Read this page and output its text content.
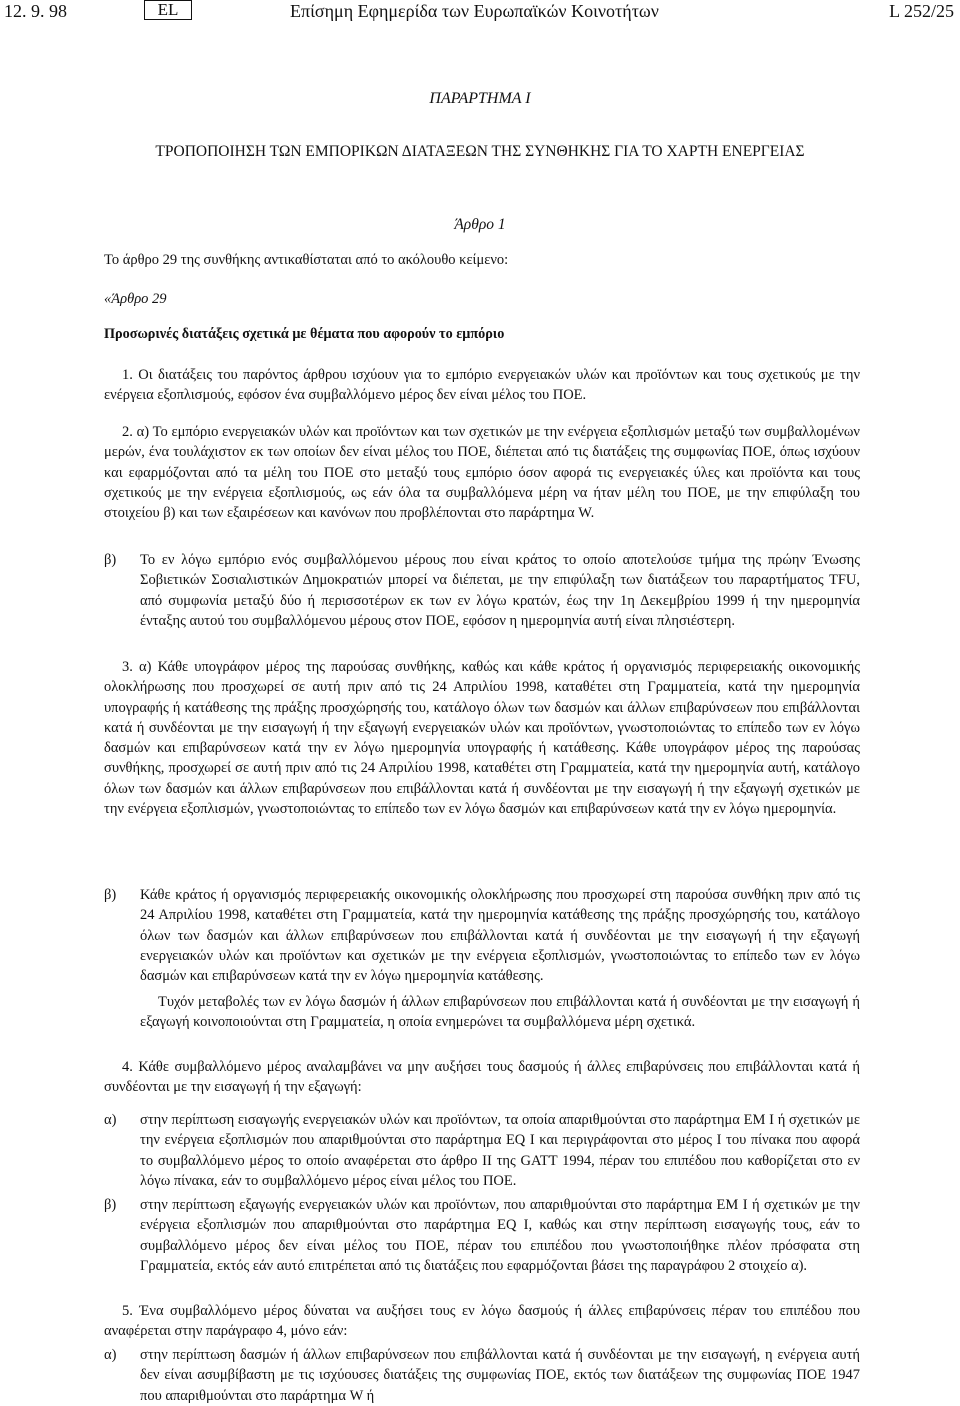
12. 9. 98	EL	Επίσημη Εφημερίδα των Ευρωπαϊκών Κοινοτήτων	L 252/25
ΠΑΡΑΡΤΗΜΑ Ι
ΤΡΟΠΟΠΟΙΗΣΗ ΤΩΝ ΕΜΠΟΡΙΚΩΝ ΔΙΑΤΑΞΕΩΝ ΤΗΣ ΣΥΝΘΗΚΗΣ ΓΙΑ ΤΟ ΧΑΡΤΗ ΕΝΕΡΓΕΙΑΣ
Άρθρο 1
Το άρθρο 29 της συνθήκης αντικαθίσταται από το ακόλουθο κείμενο:
«Άρθρο 29
Προσωρινές διατάξεις σχετικά με θέματα που αφορούν το εμπόριο

1. Οι διατάξεις του παρόντος άρθρου ισχύουν για το εμπόριο ενεργειακών υλών και προϊόντων και τους σχετικούς με την ενέργεια εξοπλισμούς, εφόσον ένα συμβαλλόμενο μέρος δεν είναι μέλος του ΠΟΕ.

2. α) Το εμπόριο ενεργειακών υλών και προϊόντων και των σχετικών με την ενέργεια εξοπλισμών μεταξύ των συμβαλλομένων μερών, ένα τουλάχιστον εκ των οποίων δεν είναι μέλος του ΠΟΕ, διέπεται από τις διατάξεις της συμφωνίας ΠΟΕ, όπως ισχύουν και εφαρμόζονται από τα μέλη του ΠΟΕ στο μεταξύ τους εμπόριο όσον αφορά τις ενεργειακές ύλες και προϊόντα και τους σχετικούς με την ενέργεια εξοπλισμούς, ως εάν όλα τα συμβαλλόμενα μέρη να ήταν μέλη του ΠΟΕ, με την επιφύλαξη του στοιχείου β) και των εξαιρέσεων και κανόνων που προβλέπονται στο παράρτημα W.

β) Το εν λόγω εμπόριο ενός συμβαλλόμενου μέρους που είναι κράτος το οποίο αποτελούσε τμήμα της πρώην Ένωσης Σοβιετικών Σοσιαλιστικών Δημοκρατιών μπορεί να διέπεται, με την επιφύλαξη των διατάξεων του παραρτήματος TFU, από συμφωνία μεταξύ δύο ή περισσοτέρων εκ των εν λόγω κρατών, έως την 1η Δεκεμβρίου 1999 ή την ημερομηνία ένταξης αυτού του συμβαλλόμενου μέρους στον ΠΟΕ, εφόσον η ημερομηνία αυτή είναι πλησιέστερη.

3. α) Κάθε υπογράφον μέρος της παρούσας συνθήκης, καθώς και κάθε κράτος ή οργανισμός περιφερειακής οικονομικής ολοκλήρωσης που προσχωρεί σε αυτή πριν από τις 24 Απριλίου 1998, καταθέτει στη Γραμματεία, κατά την ημερομηνία υπογραφής ή κατάθεσης της πράξης προσχώρησής του, κατάλογο όλων των δασμών και άλλων επιβαρύνσεων που επιβάλλονται κατά ή συνδέονται με την εισαγωγή ή την εξαγωγή ενεργειακών υλών και προϊόντων, γνωστοποιώντας το επίπεδο των εν λόγω δασμών και επιβαρύνσεων κατά την εν λόγω ημερομηνία υπογραφής ή κατάθεσης. Κάθε υπογράφον μέρος της παρούσας συνθήκης, προσχωρεί σε αυτή πριν από τις 24 Απριλίου 1998, καταθέτει στη Γραμματεία, κατά την ημερομηνία αυτή, κατάλογο όλων των δασμών και άλλων επιβαρύνσεων που επιβάλλονται κατά ή συνδέονται με την εισαγωγή ή την εξαγωγή σχετικών με την ενέργεια εξοπλισμών, γνωστοποιώντας το επίπεδο των εν λόγω δασμών και επιβαρύνσεων κατά την εν λόγω ημερομηνία.

β) Κάθε κράτος ή οργανισμός περιφερειακής οικονομικής ολοκλήρωσης που προσχωρεί στη παρούσα συνθήκη πριν από τις 24 Απριλίου 1998, καταθέτει στη Γραμματεία, κατά την ημερομηνία κατάθεσης της πράξης προσχώρησής του, κατάλογο όλων των δασμών και άλλων επιβαρύνσεων που επιβάλλονται κατά ή συνδέονται με την εισαγωγή ή την εξαγωγή ενεργειακών υλών και προϊόντων και σχετικών με την ενέργεια εξοπλισμών, γνωστοποιώντας το επίπεδο των εν λόγω δασμών και επιβαρύνσεων κατά την εν λόγω ημερομηνία κατάθεσης.

Τυχόν μεταβολές των εν λόγω δασμών ή άλλων επιβαρύνσεων που επιβάλλονται κατά ή συνδέονται με την εισαγωγή ή εξαγωγή κοινοποιούνται στη Γραμματεία, η οποία ενημερώνει τα συμβαλλόμενα μέρη σχετικά.

4. Κάθε συμβαλλόμενο μέρος αναλαμβάνει να μην αυξήσει τους δασμούς ή άλλες επιβαρύνσεις που επιβάλλονται κατά ή συνδέονται με την εισαγωγή ή την εξαγωγή:

α) στην περίπτωση εισαγωγής ενεργειακών υλών και προϊόντων, τα οποία απαριθμούνται στο παράρτημα EM I ή σχετικών με την ενέργεια εξοπλισμών που απαριθμούνται στο παράρτημα EQ I και περιγράφονται στο μέρος I του πίνακα που αφορά το συμβαλλόμενο μέρος το οποίο αναφέρεται στο άρθρο II της GATT 1994, πέραν του επιπέδου που καθορίζεται στο εν λόγω πίνακα, εάν το συμβαλλόμενο μέρος είναι μέλος του ΠΟΕ.

β) στην περίπτωση εξαγωγής ενεργειακών υλών και προϊόντων, που απαριθμούνται στο παράρτημα EM I ή σχετικών με την ενέργεια εξοπλισμών που απαριθμούνται στο παράρτημα EQ I, καθώς και στην περίπτωση εισαγωγής τους, εάν το συμβαλλόμενο μέρος δεν είναι μέλος του ΠΟΕ, πέραν του επιπέδου που γνωστοποιήθηκε πλέον πρόσφατα στη Γραμματεία, εκτός εάν αυτό επιτρέπεται από τις διατάξεις που εφαρμόζονται βάσει της παραγράφου 2 στοιχείο α).

5. Ένα συμβαλλόμενο μέρος δύναται να αυξήσει τους εν λόγω δασμούς ή άλλες επιβαρύνσεις πέραν του επιπέδου που αναφέρεται στην παράγραφο 4, μόνο εάν:

α) στην περίπτωση δασμών ή άλλων επιβαρύνσεων που επιβάλλονται κατά ή συνδέονται με την εισαγωγή, η ενέργεια αυτή δεν είναι ασυμβίβαστη με τις ισχύουσες διατάξεις της συμφωνίας ΠΟΕ, εκτός των διατάξεων της συμφωνίας ΠΟΕ 1947 που απαριθμούνται στο παράρτημα W ή
